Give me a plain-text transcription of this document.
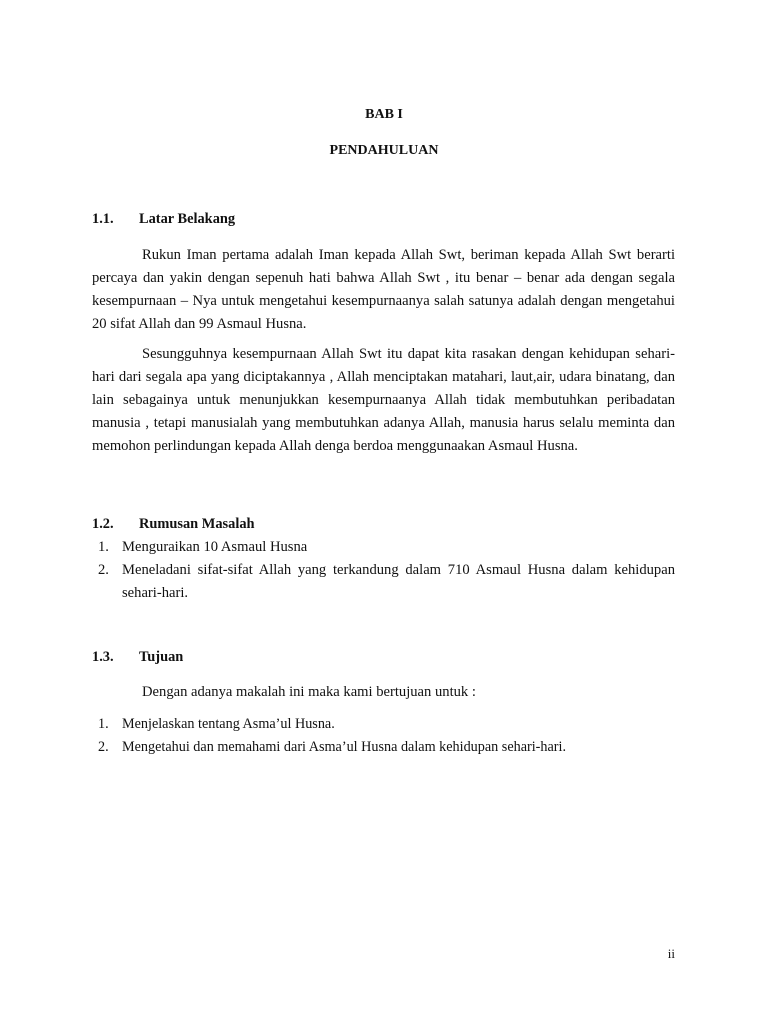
BAB I
PENDAHULUAN
1.1. Latar Belakang

Rukun Iman pertama adalah Iman kepada Allah Swt, beriman kepada Allah Swt berarti percaya dan yakin dengan sepenuh hati bahwa Allah Swt , itu benar – benar ada dengan segala kesempurnaan – Nya untuk mengetahui kesempurnaanya salah satunya adalah dengan mengetahui 20 sifat Allah dan 99 Asmaul Husna.

Sesungguhnya kesempurnaan Allah Swt itu dapat kita rasakan dengan kehidupan sehari-hari dari segala apa yang diciptakannya , Allah menciptakan matahari, laut,air, udara binatang, dan lain sebagainya untuk menunjukkan kesempurnaanya Allah tidak membutuhkan peribadatan manusia , tetapi manusialah yang membutuhkan adanya Allah, manusia harus selalu meminta dan memohon perlindungan kepada Allah denga berdoa menggunaakan Asmaul Husna.

1.2. Rumusan Masalah
1. Menguraikan 10 Asmaul Husna
2. Meneladani sifat-sifat Allah yang terkandung dalam 710 Asmaul Husna dalam kehidupan sehari-hari.
1.3. Tujuan

Dengan adanya makalah ini maka kami bertujuan untuk :

1. Menjelaskan tentang Asma’ul Husna.
2. Mengetahui dan memahami dari Asma’ul Husna dalam kehidupan sehari-hari.
ii
